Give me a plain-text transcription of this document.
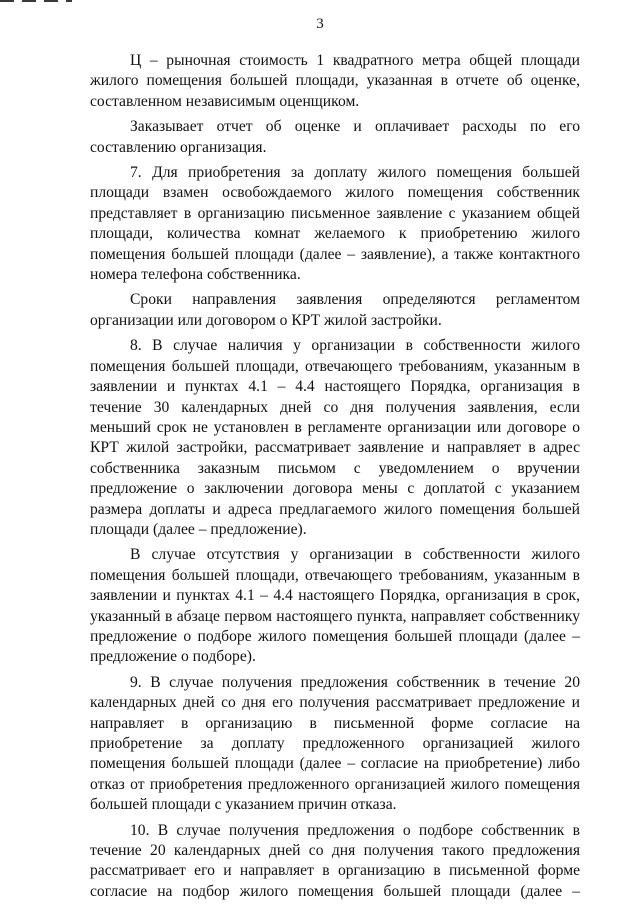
3

Ц – рыночная стоимость 1 квадратного метра общей площади жилого помещения большей площади, указанная в отчете об оценке, составленном независимым оценщиком.

Заказывает отчет об оценке и оплачивает расходы по его составлению организация.

7. Для приобретения за доплату жилого помещения большей площади взамен освобождаемого жилого помещения собственник представляет в организацию письменное заявление с указанием общей площади, количества комнат желаемого к приобретению жилого помещения большей площади (далее – заявление), а также контактного номера телефона собственника.

Сроки направления заявления определяются регламентом организации или договором о КРТ жилой застройки.

8. В случае наличия у организации в собственности жилого помещения большей площади, отвечающего требованиям, указанным в заявлении и пунктах 4.1 – 4.4 настоящего Порядка, организация в течение 30 календарных дней со дня получения заявления, если меньший срок не установлен в регламенте организации или договоре о КРТ жилой застройки, рассматривает заявление и направляет в адрес собственника заказным письмом с уведомлением о вручении предложение о заключении договора мены с доплатой с указанием размера доплаты и адреса предлагаемого жилого помещения большей площади (далее – предложение).

В случае отсутствия у организации в собственности жилого помещения большей площади, отвечающего требованиям, указанным в заявлении и пунктах 4.1 – 4.4 настоящего Порядка, организация в срок, указанный в абзаце первом настоящего пункта, направляет собственнику предложение о подборе жилого помещения большей площади (далее – предложение о подборе).

9. В случае получения предложения собственник в течение 20 календарных дней со дня его получения рассматривает предложение и направляет в организацию в письменной форме согласие на приобретение за доплату предложенного организацией жилого помещения большей площади (далее – согласие на приобретение) либо отказ от приобретения предложенного организацией жилого помещения большей площади с указанием причин отказа.

10. В случае получения предложения о подборе собственник в течение 20 календарных дней со дня получения такого предложения рассматривает его и направляет в организацию в письменной форме согласие на подбор жилого помещения большей площади (далее –
